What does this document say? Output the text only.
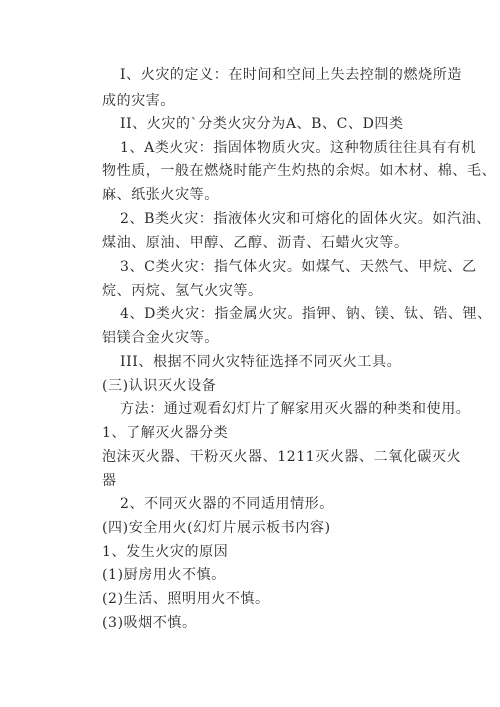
I、火灾的定义：在时间和空间上失去控制的燃烧所造
成的灾害。
II、火灾的`分类火灾分为A、B、C、D四类
1、A类火灾：指固体物质火灾。这种物质往往具有有机
物性质，一般在燃烧时能产生灼热的余烬。如木材、棉、毛、
麻、纸张火灾等。
2、B类火灾：指液体火灾和可熔化的固体火灾。如汽油、
煤油、原油、甲醇、乙醇、沥青、石蜡火灾等。
3、C类火灾：指气体火灾。如煤气、天然气、甲烷、乙
烷、丙烷、氢气火灾等。
4、D类火灾：指金属火灾。指钾、钠、镁、钛、锆、锂、
铝镁合金火灾等。
III、根据不同火灾特征选择不同灭火工具。
(三)认识灭火设备
方法：通过观看幻灯片了解家用灭火器的种类和使用。
1、了解灭火器分类
泡沫灭火器、干粉灭火器、1211灭火器、二氧化碳灭火
器
2、不同灭火器的不同适用情形。
(四)安全用火(幻灯片展示板书内容)
1、发生火灾的原因
(1)厨房用火不慎。
(2)生活、照明用火不慎。
(3)吸烟不慎。
